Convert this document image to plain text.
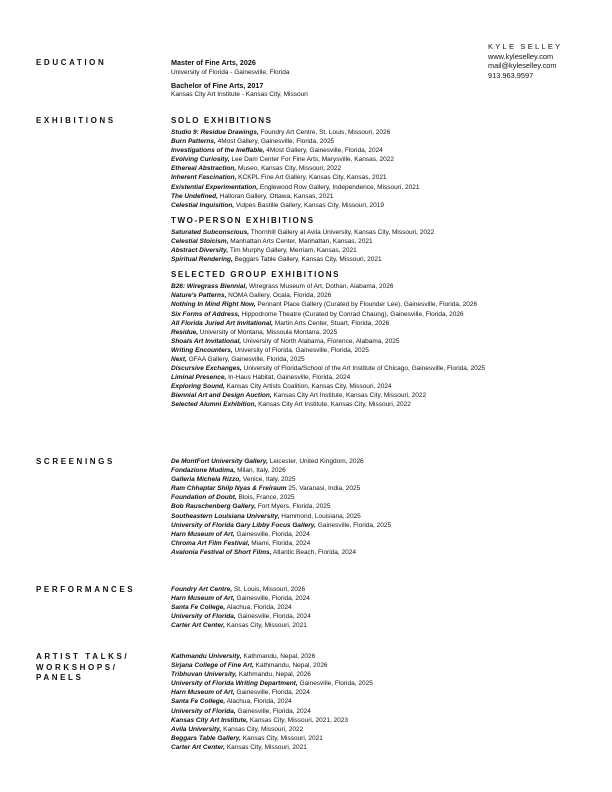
KYLE SELLEY
www.kyleselley.com
mail@kyleselley.com
913.963.9597
EDUCATION	Master of Fine Arts, 2026
University of Florida - Gainesville, Florida
Bachelor of Fine Arts, 2017
Kansas City Art Institute - Kansas City, Missouri
EXHIBITIONS	SOLO EXHIBITIONS
Studio 9: Residue Drawings, Foundry Art Centre, St. Louis, Missouri, 2026
Burn Patterns, 4Most Gallery, Gainesville, Florida, 2025
Investigations of the Ineffable, 4Most Gallery, Gainesville, Florida, 2024
Evolving Curiosity, Lee Dam Center For Fine Arts, Marysville, Kansas, 2022
Ethereal Abstraction, Museo, Kansas City, Missouri, 2022
Inherent Fascination, KCKPL Fine Art Gallery, Kansas City, Kansas, 2021
Existential Experimentation, Englewood Row Gallery, Independence, Missouri, 2021
The Undefined, Halloran Gallery, Ottawa, Kansas, 2021
Celestial Inquisition, Vulpes Bastille Gallery, Kansas City, Missouri, 2019
TWO-PERSON EXHIBITIONS
Saturated Subconscious, Thornhill Gallery at Avila University, Kansas City, Missouri, 2022
Celestial Stoicism, Manhattan Arts Center, Manhattan, Kansas, 2021
Abstract Diversity, Tim Murphy Gallery, Merriam, Kansas, 2021
Spiritual Rendering, Beggars Table Gallery, Kansas City, Missouri, 2021
SELECTED GROUP EXHIBITIONS
B26: Wiregrass Biennial, Wiregrass Museum of Art, Dothan, Alabama, 2026
Nature's Patterns, NOMA Gallery, Ocala, Florida, 2026
Nothing In Mind Right Now, Pennant Place Gallery (Curated by Flounder Lee), Gainesville, Florida, 2026
Six Forms of Address, Hippodrome Theatre (Curated by Conrad Chaung), Gainesville, Florida, 2026
All Florida Juried Art Invitational, Martin Arts Center, Stuart, Florida, 2026
Residue, University of Montana, Missoula Montana, 2025
Shoals Art Invitational, University of North Alabama, Florence, Alabama, 2025
Writing Encounters, University of Florida, Gainesville, Florida, 2025
Next, GFAA Gallery, Gainesville, Florida, 2025
Discursive Exchanges, University of Florida/School of the Art Institute of Chicago, Gainesville, Florida, 2025
Liminal Presence, In-Haus Habitat, Gainesville, Florida, 2024
Exploring Sound, Kansas City Artists Coalition, Kansas City, Missouri, 2024
Biennial Art and Design Auction, Kansas City Art Institute, Kansas City, Missouri, 2022
Selected Alumni Exhibition, Kansas City Art Institute, Kansas City, Missouri, 2022
SCREENINGS	De MontFort University Gallery, Leicester, United Kingdom, 2026
Fondazione Mudima, Milan, Italy, 2026
Galleria Michela Rizzo, Venice, Italy, 2025
Ram Chhaptar Shilp Nyas & Freiraum 25, Varanasi, India, 2025
Foundation of Doubt, Blois, France, 2025
Bob Rauschenberg Gallery, Fort Myers, Florida, 2025
Southeastern Louisiana University, Hammond, Louisiana, 2025
University of Florida Gary Libby Focus Gallery, Gainesville, Florida, 2025
Harn Museum of Art, Gainesville, Florida, 2024
Chroma Art Film Festival, Miami, Florida, 2024
Avalonia Festival of Short Films, Atlantic Beach, Florida, 2024
PERFORMANCES	Foundry Art Centre, St. Louis, Missouri, 2026
Harn Museum of Art, Gainesville, Florida, 2024
Santa Fe College, Alachua, Florida, 2024
University of Florida, Gainesville, Florida, 2024
Carter Art Center, Kansas City, Missouri, 2021
ARTIST TALKS/
WORKSHOPS/
PANELS
Kathmandu University, Kathmandu, Nepal, 2026
Sirjana College of Fine Art, Kathmandu, Nepal, 2026
Tribhuvan University, Kathmandu, Nepal, 2026
University of Florida Writing Department, Gainesville, Florida, 2025
Harn Museum of Art, Gainesville, Florida, 2024
Santa Fe College, Alachua, Florida, 2024
University of Florida, Gainesville, Florida, 2024
Kansas City Art Institute, Kansas City, Missouri, 2021, 2023
Avila University, Kansas City, Missouri, 2022
Beggars Table Gallery, Kansas City, Missouri, 2021
Carter Art Center, Kansas City, Missouri, 2021
